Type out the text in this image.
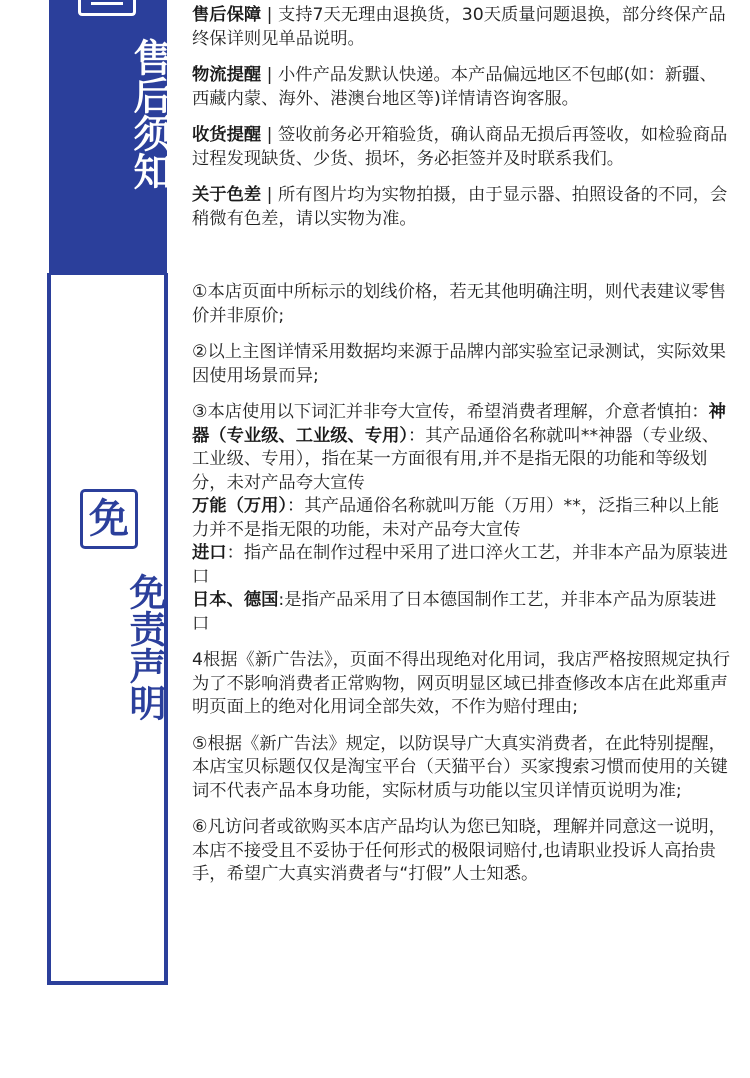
售后须知
免
免责声明

售后保障 | 支持7天无理由退换货，30天质量问题退换，部分终保产品终保详则见单品说明。

物流提醒 | 小件产品发默认快递。本产品偏远地区不包邮(如：新疆、西藏内蒙、海外、港澳台地区等)详情请咨询客服。

收货提醒 | 签收前务必开箱验货，确认商品无损后再签收，如检验商品过程发现缺货、少货、损坏，务必拒签并及时联系我们。

关于色差 | 所有图片均为实物拍摄，由于显示器、拍照设备的不同，会稍微有色差，请以实物为准。

①本店页面中所标示的划线价格，若无其他明确注明，则代表建议零售价并非原价;

②以上主图详情采用数据均来源于品牌内部实验室记录测试，实际效果因使用场景而异;

③本店使用以下词汇并非夸大宣传，希望消费者理解，介意者慎拍：神器（专业级、工业级、专用）：其产品通俗名称就叫**神器（专业级、工业级、专用），指在某一方面很有用,并不是指无限的功能和等级划分，未对产品夸大宣传
万能（万用）：其产品通俗名称就叫万能（万用）**，泛指三种以上能力并不是指无限的功能，未对产品夸大宣传
进口：指产品在制作过程中采用了进口淬火工艺，并非本产品为原装进口
日本、德国:是指产品采用了日本德国制作工艺，并非本产品为原装进口

4根据《新广告法》，页面不得出现绝对化用词，我店严格按照规定执行为了不影响消费者正常购物，网页明显区域已排查修改本店在此郑重声明页面上的绝对化用词全部失效，不作为赔付理由;

⑤根据《新广告法》规定，以防误导广大真实消费者，在此特别提醒，本店宝贝标题仅仅是淘宝平台（天猫平台）买家搜索习惯而使用的关键词不代表产品本身功能，实际材质与功能以宝贝详情页说明为准;

⑥凡访问者或欲购买本店产品均认为您已知晓，理解并同意这一说明，本店不接受且不妥协于任何形式的极限词赔付,也请职业投诉人高抬贵手，希望广大真实消费者与“打假”人士知悉。
